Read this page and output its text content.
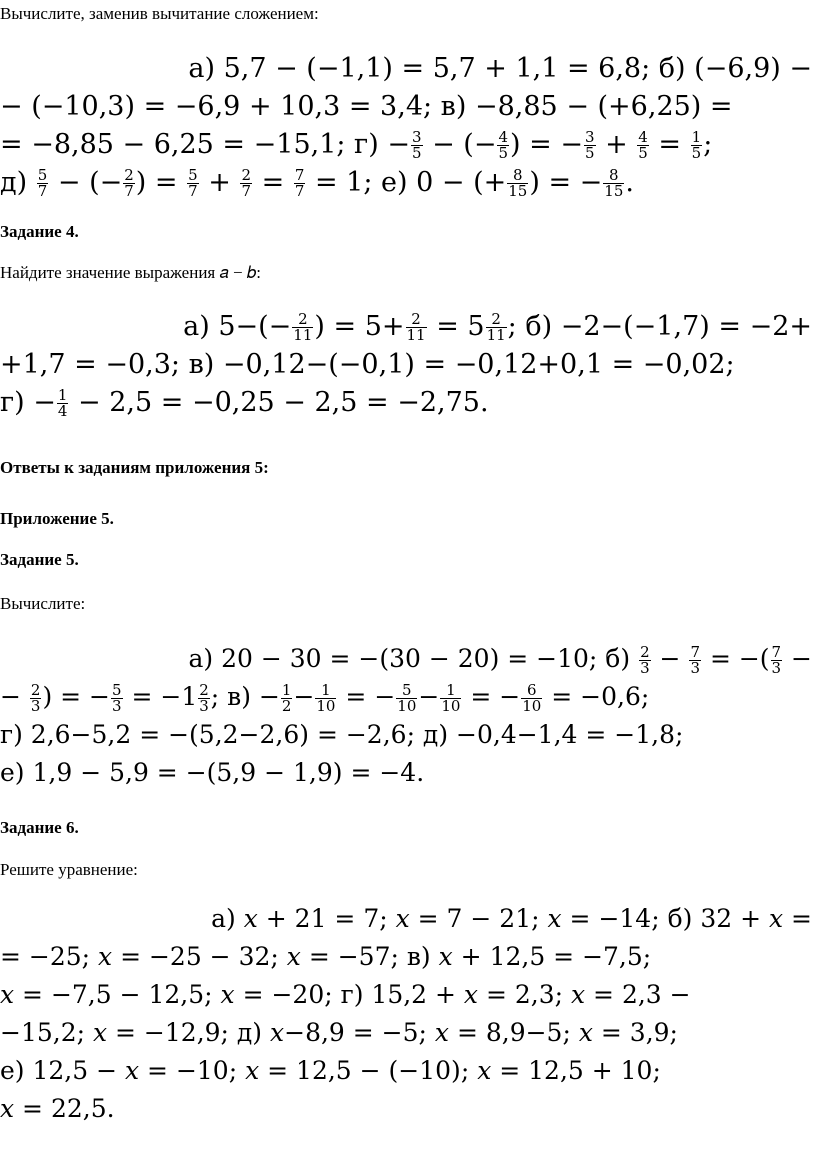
Вычислите, заменив вычитание сложением:
а) 5,7 − (−1,1) = 5,7 + 1,1 = 6,8; б) (−6,9) −
− (−10,3) = −6,9 + 10,3 = 3,4; в) −8,85 − (+6,25) =
= −8,85 − 6,25 = −15,1; $г) - \frac{3}{5}$ − (− $\frac{4}{5}$ ) = − $\frac{3}{5} + \frac{4}{5} = \frac{1}{5}$ ;
$д) \frac{5}{7}$ − (− $\frac{2}{7}$ ) = $\frac{5}{7} + \frac{2}{7} = \frac{7}{7} = 1$; е) 0 − (+ $\frac{8}{15}$ ) = − $\frac{8}{15}$ .
Задание 4.
Найдите значение выражения 𝑎 − 𝑏:
а) $5-(- \frac{2}{11}$ ) = $5+ \frac{2}{11} = 5 \frac{2}{11}$ ; б) −2−(−1,7) = −2+
+1,7 = −0,3; в) −0,12−(−0,1) = −0,12+0,1 = −0,02;
$г) - \frac{1}{4} - 2,5 = -0,25 - 2,5 = -2,75$.
Ответы к заданиям приложения 5:
Приложение 5.
Задание 5.
Вычислите:
а) 20 − 30 = −(30 − 20) = −10; $б) \frac{2}{3} - \frac{7}{3}$ = −( $\frac{7}{3}$ −
− $\frac{2}{3}$ ) = − $\frac{5}{3} = -1 \frac{2}{3}$ ; $в) - \frac{1}{2} - \frac{1}{10}$ = − $\frac{5}{10} - \frac{1}{10}$ = − $\frac{6}{10} = -0,6$;
г) 2,6−5,2 = −(5,2−2,6) = −2,6; д) −0,4−1,4 = −1,8;
е) 1,9 − 5,9 = −(5,9 − 1,9) = −4.
Задание 6.
Решите уравнение:
а) x + 21 = 7; x = 7 − 21; x = −14; б) 32 + x =
= −25; x = −25 − 32; x = −57; в) x + 12,5 = −7,5;
x = −7,5 − 12,5; x = −20; г) 15,2 + x = 2,3; x = 2,3 −
−15,2; x = −12,9; д) x−8,9 = −5; x = 8,9−5; x = 3,9;
е) 12,5 − x = −10; x = 12,5 − (−10); x = 12,5 + 10;
x = 22,5.
